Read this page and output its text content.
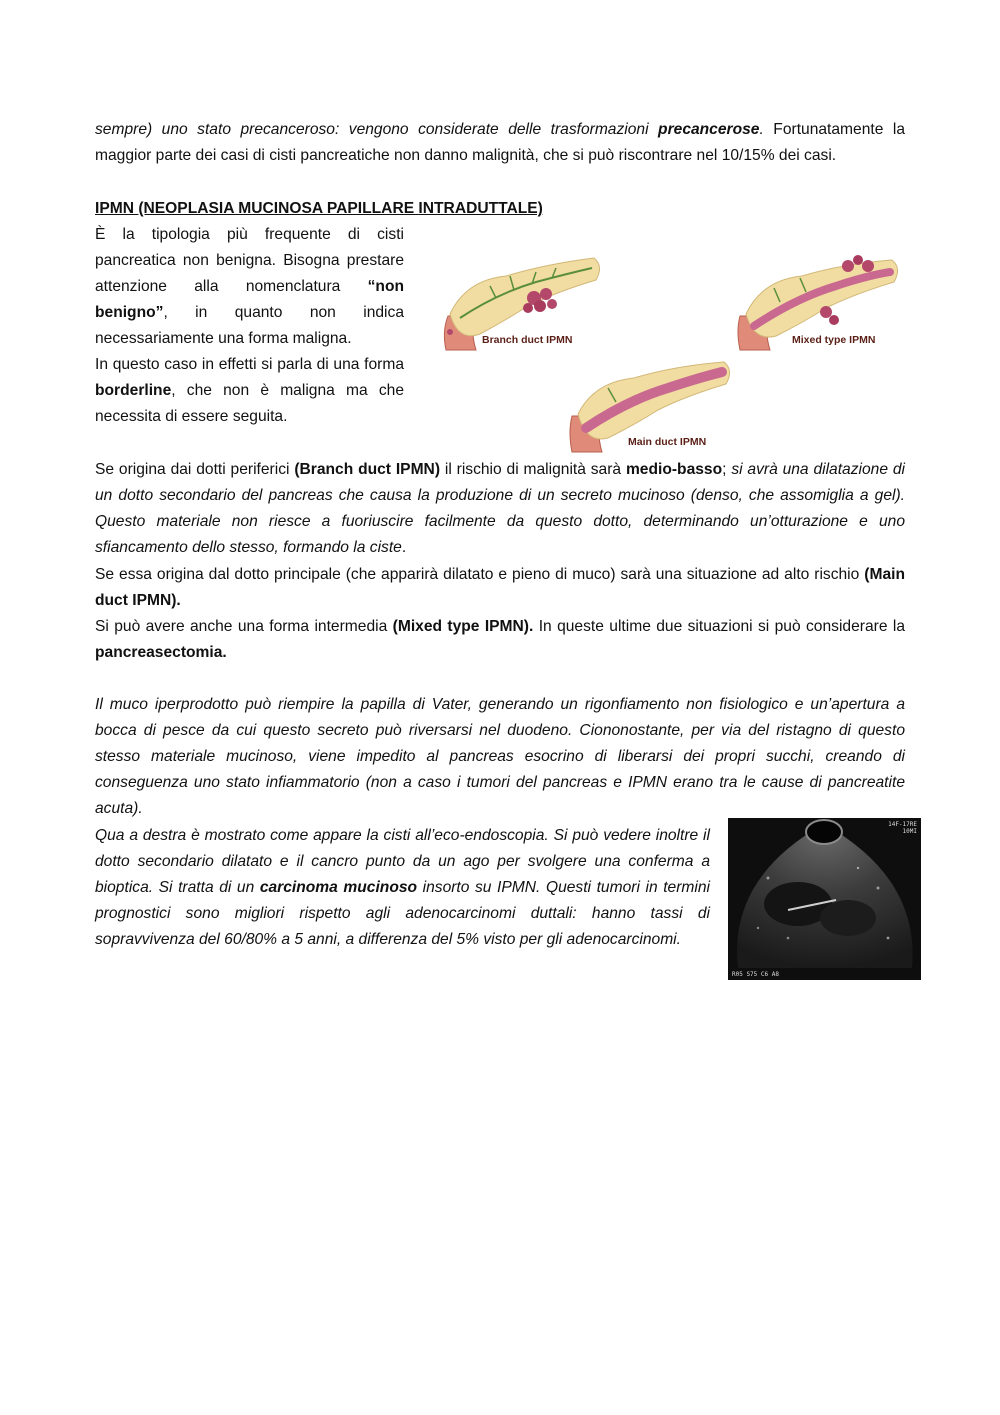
sempre) uno stato precanceroso: vengono considerate delle trasformazioni precancerose. Fortunatamente la maggior parte dei casi di cisti pancreatiche non danno malignità, che si può riscontrare nel 10/15% dei casi.

IPMN (NEOPLASIA MUCINOSA PAPILLARE INTRADUTTALE)

È la tipologia più frequente di cisti pancreatica non benigna. Bisogna prestare attenzione alla nomenclatura “non benigno”, in quanto non indica necessariamente una forma maligna.
In questo caso in effetti si parla di una forma borderline, che non è maligna ma che necessita di essere seguita.

Branch duct IPMN	Mixed type IPMN
Main duct IPMN

Se origina dai dotti periferici (Branch duct IPMN) il rischio di malignità sarà medio-basso; si avrà una dilatazione di un dotto secondario del pancreas che causa la produzione di un secreto mucinoso (denso, che assomiglia a gel). Questo materiale non riesce a fuoriuscire facilmente da questo dotto, determinando un’otturazione e uno sfiancamento dello stesso, formando la ciste.

Se essa origina dal dotto principale (che apparirà dilatato e pieno di muco) sarà una situazione ad alto rischio (Main duct IPMN).

Si può avere anche una forma intermedia (Mixed type IPMN). In queste ultime due situazioni si può considerare la pancreasectomia.

Il muco iperprodotto può riempire la papilla di Vater, generando un rigonfiamento non fisiologico e un’apertura a bocca di pesce da cui questo secreto può riversarsi nel duodeno. Ciononostante, per via del ristagno di questo stesso materiale mucinoso, viene impedito al pancreas esocrino di liberarsi dei propri succhi, creando di conseguenza uno stato infiammatorio (non a caso i tumori del pancreas e IPMN erano tra le cause di pancreatite acuta).

Qua a destra è mostrato come appare la cisti all’eco-endoscopia. Si può vedere inoltre il dotto secondario dilatato e il cancro punto da un ago per svolgere una conferma a bioptica. Si tratta di un carcinoma mucinoso insorto su IPMN. Questi tumori in termini prognostici sono migliori rispetto agli adenocarcinomi duttali: hanno tassi di sopravvivenza del 60/80% a 5 anni, a differenza del 5% visto per gli adenocarcinomi.

14F-17RE
10MI
R05 S75 C6 A8
